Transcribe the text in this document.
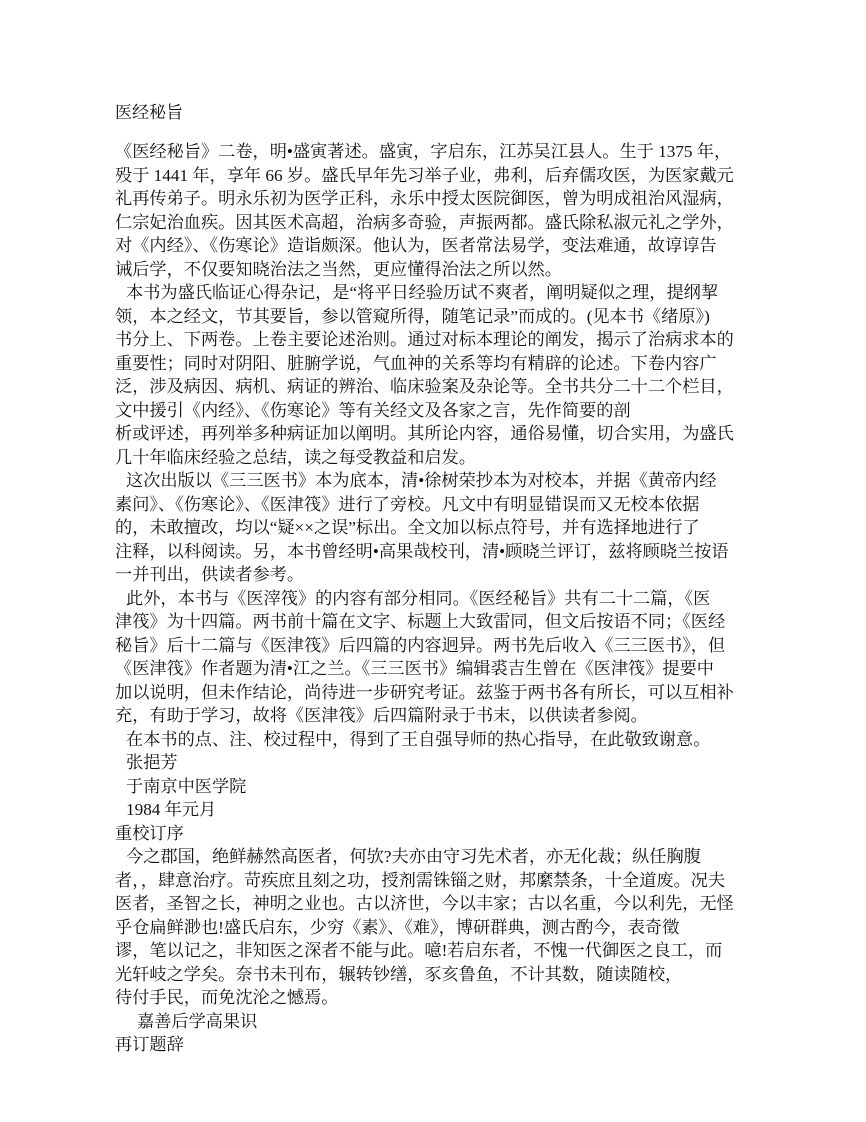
医经秘旨
《医经秘旨》二卷，明•盛寅著述。盛寅，字启东，江苏吴江县人。生于 1375 年，
殁于 1441 年，享年 66 岁。盛氏早年先习举子业，弗利，后弃儒攻医，为医家戴元
礼再传弟子。明永乐初为医学正科，永乐中授太医院御医，曾为明成祖治风湿病，
仁宗妃治血疾。因其医术高超，治病多奇验，声振两都。盛氏除私淑元礼之学外，
对《内经》、《伤寒论》造诣颇深。他认为，医者常法易学，变法难通，故谆谆告
诫后学，不仅要知晓治法之当然，更应懂得治法之所以然。
本书为盛氏临证心得杂记，是“将平日经验历试不爽者，阐明疑似之理，提纲挈
领，本之经文，节其要旨，参以管窥所得，随笔记录”而成的。(见本书《绪原》)
书分上、下两卷。上卷主要论述治则。通过对标本理论的阐发，揭示了治病求本的
重要性；同时对阴阳、脏腑学说，气血神的关系等均有精辟的论述。下卷内容广
泛，涉及病因、病机、病证的辨治、临床验案及杂论等。全书共分二十二个栏目，
文中援引《内经》、《伤寒论》等有关经文及各家之言，先作简要的剖
析或评述，再列举多种病证加以阐明。其所论内容，通俗易懂，切合实用，为盛氏
几十年临床经验之总结，读之每受教益和启发。
这次出版以《三三医书》本为底本，清•徐树荣抄本为对校本，并据《黄帝内经
素问》、《伤寒论》、《医津筏》进行了旁校。凡文中有明显错误而又无校本依据
的，未敢擅改，均以“疑××之误”标出。全文加以标点符号，并有选择地进行了
注释，以科阅读。另，本书曾经明•高果哉校刊，清•顾晓兰评订，兹将顾晓兰按语
一并刊出，供读者参考。
此外，本书与《医滓筏》的内容有部分相同。《医经秘旨》共有二十二篇，《医
津筏》为十四篇。两书前十篇在文字、标题上大致雷同，但文后按语不同；《医经
秘旨》后十二篇与《医津筏》后四篇的内容迥异。两书先后收入《三三医书》，但
《医津筏》作者题为清•江之兰。《三三医书》编辑裘吉生曾在《医津筏》提要中
加以说明，但未作结论，尚待进一步研究考证。兹鉴于两书各有所长，可以互相补
充，有助于学习，故将《医津筏》后四篇附录于书末，以供读者参阅。
在本书的点、注、校过程中，得到了王自强导师的热心指导，在此敬致谢意。
张挹芳
于南京中医学院
1984 年元月
重校订序
今之郡国，绝鲜赫然高医者，何欤?夫亦由守习先术者，亦无化裁；纵任胸腹
者，，肆意治疗。苛疾庶且刻之功，授剂需铢锱之财，邦縻禁条，十全道废。况夫
医者，圣智之长，神明之业也。古以济世，今以丰家；古以名重，今以利先，无怪
乎仓扁鲜渺也!盛氏启东，少穷《素》、《难》，博研群典，测古酌今，表奇徵
谬，笔以记之，非知医之深者不能与此。噫!若启东者，不愧一代御医之良工，而
光轩岐之学矣。奈书未刊布，辗转钞缮，豕亥鲁鱼，不计其数，随读随校，
待付手民，而免沈沦之憾焉。
嘉善后学高果识
再订题辞
